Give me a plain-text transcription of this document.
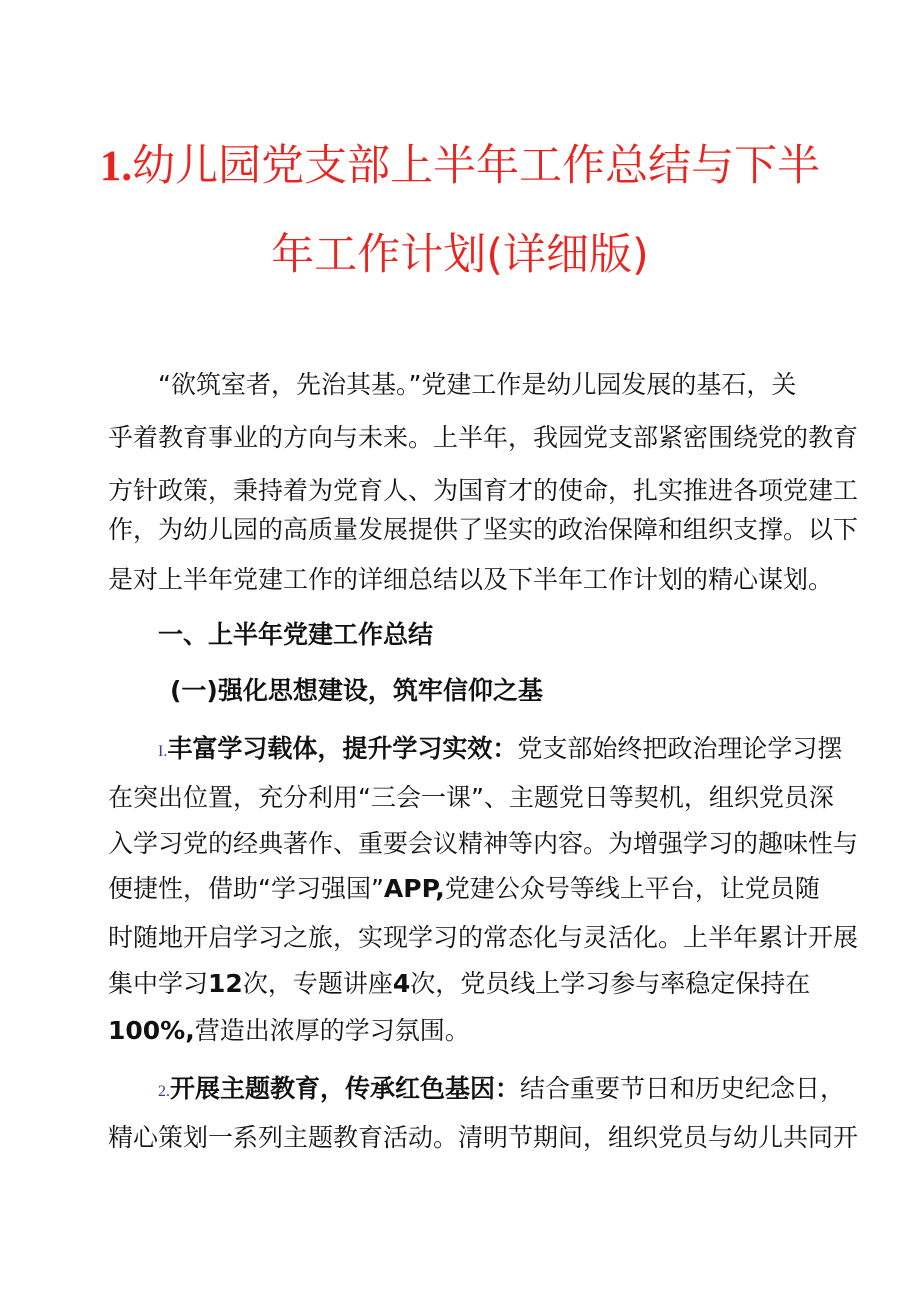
1.幼儿园党支部上半年工作总结与下半
年工作计划(详细版)
“欲筑室者，先治其基。”党建工作是幼儿园发展的基石，关
乎着教育事业的方向与未来。上半年，我园党支部紧密围绕党的教育
方针政策，秉持着为党育人、为国育才的使命，扎实推进各项党建工
作，为幼儿园的高质量发展提供了坚实的政治保障和组织支撑。以下
是对上半年党建工作的详细总结以及下半年工作计划的精心谋划。
一、上半年党建工作总结
(一)强化思想建设，筑牢信仰之基
I.丰富学习载体，提升学习实效：党支部始终把政治理论学习摆
在突出位置，充分利用“三会一课”、主题党日等契机，组织党员深
入学习党的经典著作、重要会议精神等内容。为增强学习的趣味性与
便捷性，借助“学习强国”APP,党建公众号等线上平台，让党员随
时随地开启学习之旅，实现学习的常态化与灵活化。上半年累计开展
集中学习12次，专题讲座4次，党员线上学习参与率稳定保持在
100%,营造出浓厚的学习氛围。
2.开展主题教育，传承红色基因：结合重要节日和历史纪念日，
精心策划一系列主题教育活动。清明节期间，组织党员与幼儿共同开
